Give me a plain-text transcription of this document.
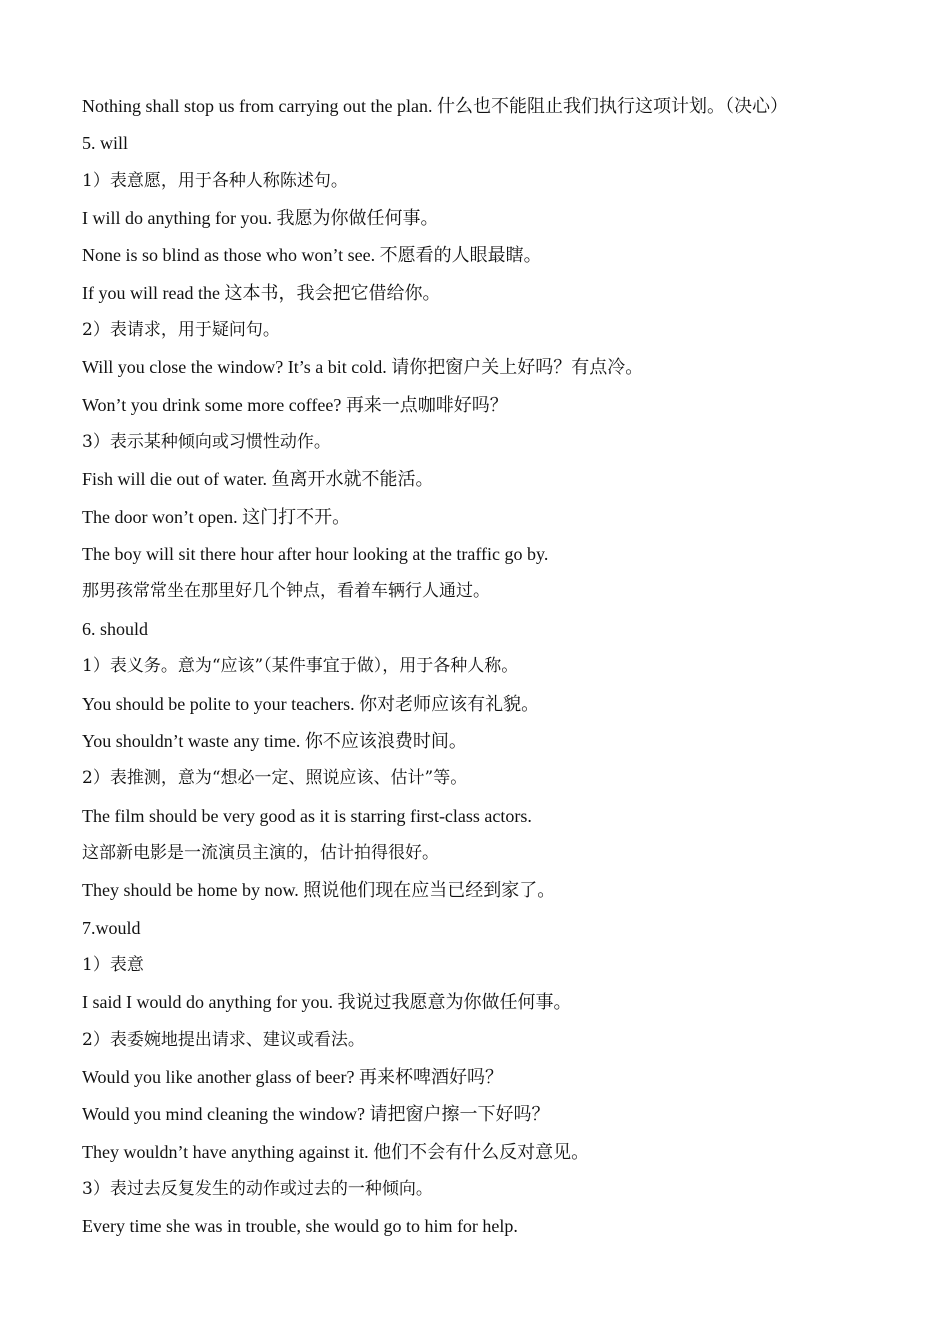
Nothing shall stop us from carrying out the plan. 什么也不能阻止我们执行这项计划。（决心）
5. will
1）表意愿，用于各种人称陈述句。
I will do anything for you. 我愿为你做任何事。
None is so blind as those who won’t see. 不愿看的人眼最瞎。
If you will read the 这本书，我会把它借给你。
2）表请求，用于疑问句。
Will you close the window? It’s a bit cold. 请你把窗户关上好吗？有点冷。
Won’t you drink some more coffee? 再来一点咖啡好吗？
3）表示某种倾向或习惯性动作。
Fish will die out of water. 鱼离开水就不能活。
The door won’t open. 这门打不开。
The boy will sit there hour after hour looking at the traffic go by.
那男孩常常坐在那里好几个钟点，看着车辆行人通过。
6. should
1）表义务。意为“应该”（某件事宜于做），用于各种人称。
You should be polite to your teachers. 你对老师应该有礼貌。
You shouldn’t waste any time. 你不应该浪费时间。
2）表推测，意为“想必一定、照说应该、估计”等。
The film should be very good as it is starring first-class actors.
这部新电影是一流演员主演的，估计拍得很好。
They should be home by now. 照说他们现在应当已经到家了。
7.would
1）表意
I said I would do anything for you. 我说过我愿意为你做任何事。
2）表委婉地提出请求、建议或看法。
Would you like another glass of beer? 再来杯啤酒好吗？
Would you mind cleaning the window? 请把窗户擦一下好吗？
They wouldn’t have anything against it. 他们不会有什么反对意见。
3）表过去反复发生的动作或过去的一种倾向。
Every time she was in trouble, she would go to him for help.
